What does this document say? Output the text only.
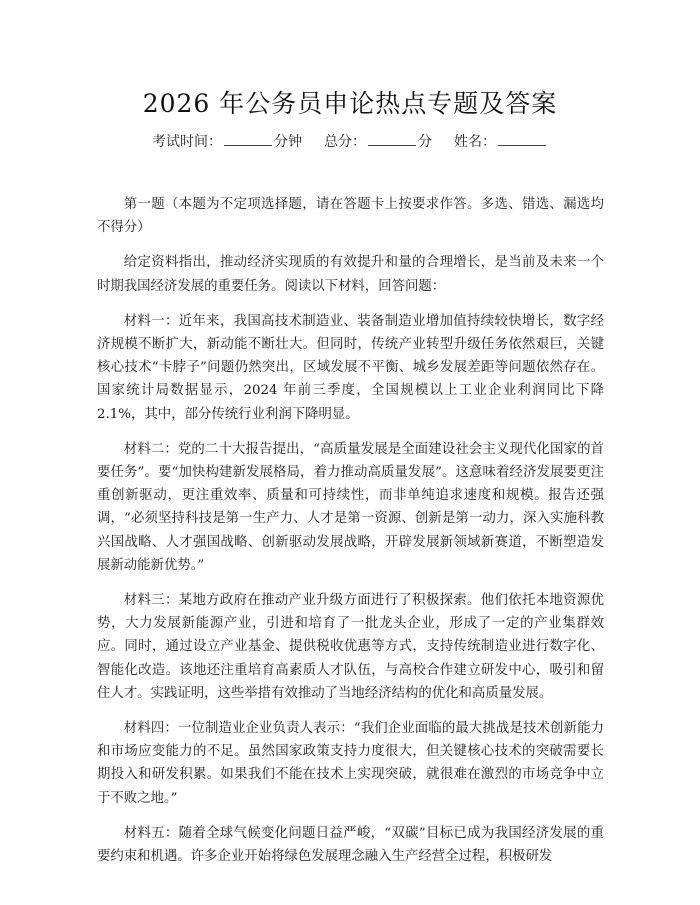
2026 年公务员申论热点专题及答案
考试时间：	分钟 总分：	分 姓名：

第一题（本题为不定项选择题，请在答题卡上按要求作答。多选、错选、漏选均不得分）

给定资料指出，推动经济实现质的有效提升和量的合理增长，是当前及未来一个时期我国经济发展的重要任务。阅读以下材料，回答问题：

材料一：近年来，我国高技术制造业、装备制造业增加值持续较快增长，数字经济规模不断扩大，新动能不断壮大。但同时，传统产业转型升级任务依然艰巨，关键核心技术“卡脖子”问题仍然突出，区域发展不平衡、城乡发展差距等问题依然存在。国家统计局数据显示，2024 年前三季度，全国规模以上工业企业利润同比下降 2.1%，其中，部分传统行业利润下降明显。

材料二：党的二十大报告提出，“高质量发展是全面建设社会主义现代化国家的首要任务”。要“加快构建新发展格局，着力推动高质量发展”。这意味着经济发展要更注重创新驱动，更注重效率、质量和可持续性，而非单纯追求速度和规模。报告还强调，“必须坚持科技是第一生产力、人才是第一资源、创新是第一动力，深入实施科教兴国战略、人才强国战略、创新驱动发展战略，开辟发展新领域新赛道，不断塑造发展新动能新优势。”

材料三：某地方政府在推动产业升级方面进行了积极探索。他们依托本地资源优势，大力发展新能源产业，引进和培育了一批龙头企业，形成了一定的产业集群效应。同时，通过设立产业基金、提供税收优惠等方式，支持传统制造业进行数字化、智能化改造。该地还注重培育高素质人才队伍，与高校合作建立研发中心，吸引和留住人才。实践证明，这些举措有效推动了当地经济结构的优化和高质量发展。

材料四：一位制造业企业负责人表示：“我们企业面临的最大挑战是技术创新能力和市场应变能力的不足。虽然国家政策支持力度很大，但关键核心技术的突破需要长期投入和研发积累。如果我们不能在技术上实现突破，就很难在激烈的市场竞争中立于不败之地。”

材料五：随着全球气候变化问题日益严峻，“双碳”目标已成为我国经济发展的重要约束和机遇。许多企业开始将绿色发展理念融入生产经营全过程，积极研发
